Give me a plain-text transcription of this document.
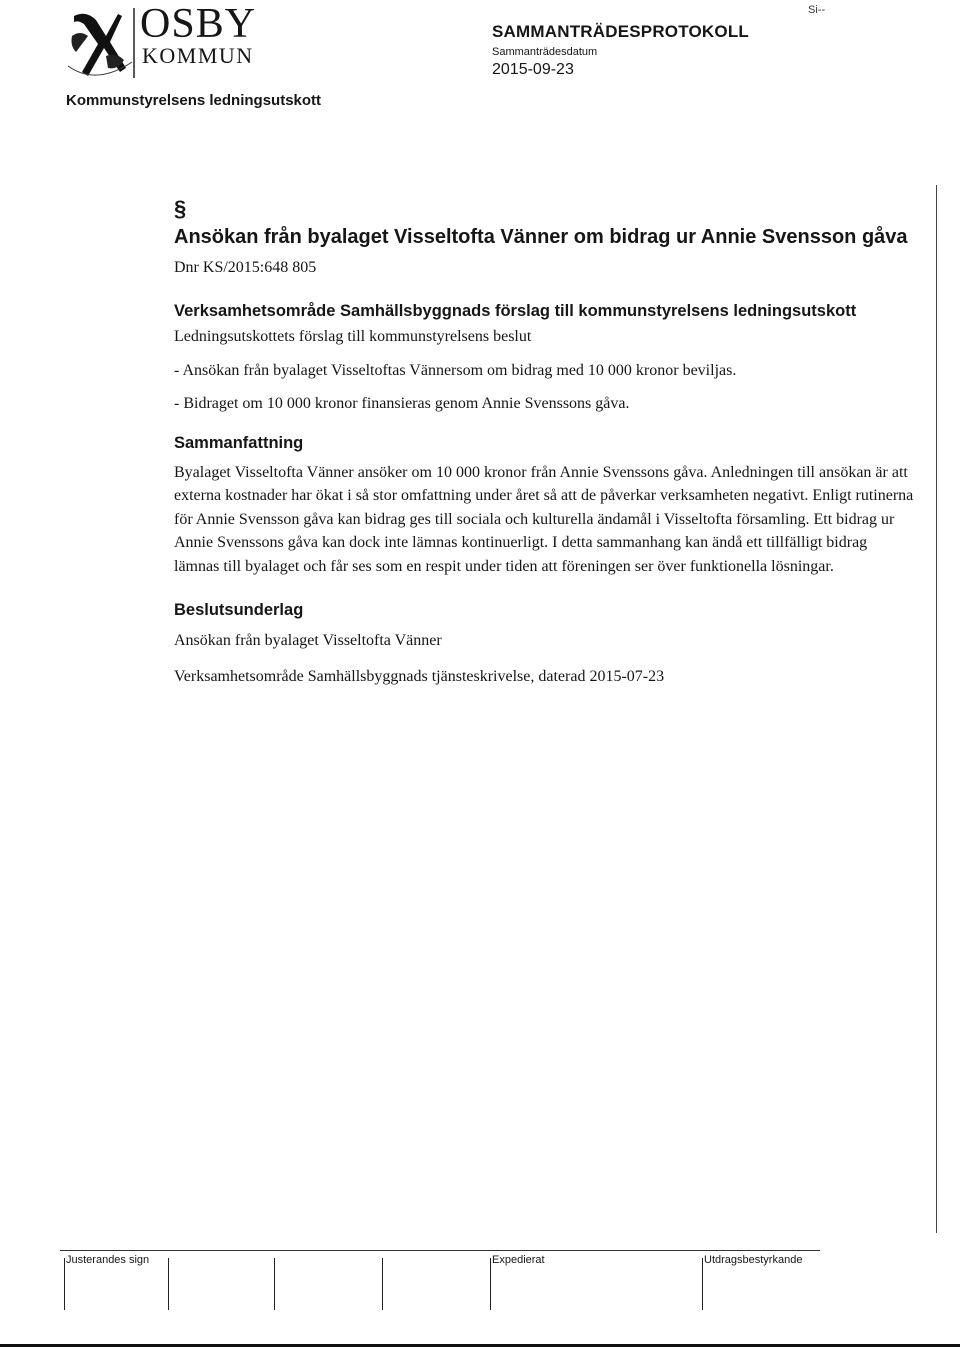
OSBY
KOMMUN
SAMMANTRÄDESPROTOKOLL
Sammanträdesdatum
2015-09-23
Si--
Kommunstyrelsens ledningsutskott
§
Ansökan från byalaget Visseltofta Vänner om bidrag ur Annie Svensson gåva
Dnr KS/2015:648 805
Verksamhetsområde Samhällsbyggnads förslag till kommunstyrelsens ledningsutskott

Ledningsutskottets förslag till kommunstyrelsens beslut

- Ansökan från byalaget Visseltoftas Vännersom om bidrag med 10 000 kronor beviljas.

- Bidraget om 10 000 kronor finansieras genom Annie Svenssons gåva.

Sammanfattning

Byalaget Visseltofta Vänner ansöker om 10 000 kronor från Annie Svenssons gåva. Anledningen till ansökan är att externa kostnader har ökat i så stor omfattning under året så att de påverkar verksamheten negativt. Enligt rutinerna för Annie Svensson gåva kan bidrag ges till sociala och kulturella ändamål i Visseltofta församling. Ett bidrag ur Annie Svenssons gåva kan dock inte lämnas kontinuerligt. I detta sammanhang kan ändå ett tillfälligt bidrag lämnas till byalaget och får ses som en respit under tiden att föreningen ser över funktionella lösningar.

Beslutsunderlag

Ansökan från byalaget Visseltofta Vänner

Verksamhetsområde Samhällsbyggnads tjänsteskrivelse, daterad 2015-07-23

Justerandes sign	Expedierat	Utdragsbestyrkande
